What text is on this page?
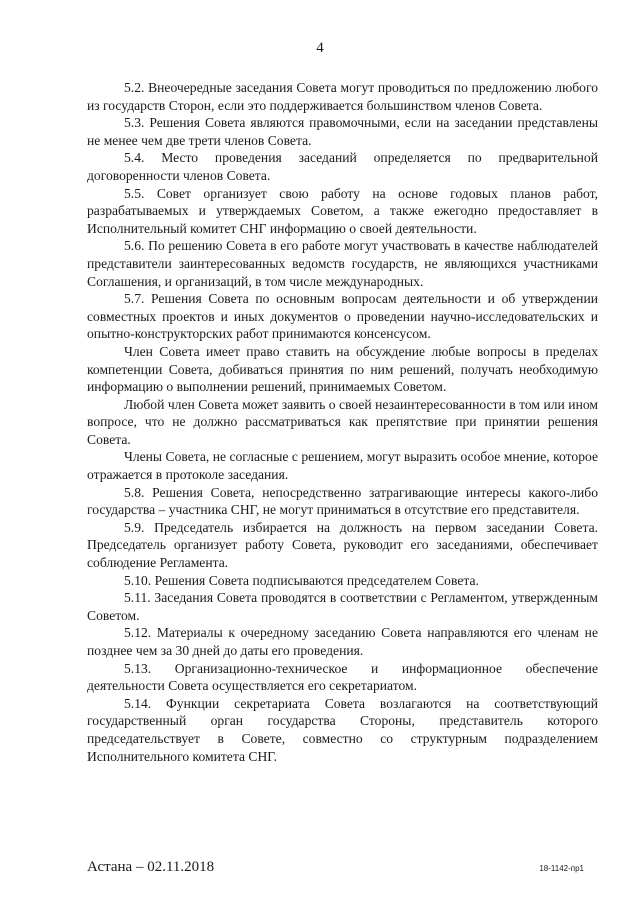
4

5.2. Внеочередные заседания Совета могут проводиться по предложению любого из государств Сторон, если это поддерживается большинством членов Совета.

5.3. Решения Совета являются правомочными, если на заседании представлены не менее чем две трети членов Совета.

5.4. Место проведения заседаний определяется по предварительной договоренности членов Совета.

5.5. Совет организует свою работу на основе годовых планов работ, разрабатываемых и утверждаемых Советом, а также ежегодно предоставляет в Исполнительный комитет СНГ информацию о своей деятельности.

5.6. По решению Совета в его работе могут участвовать в качестве наблюдателей представители заинтересованных ведомств государств, не являющихся участниками Соглашения, и организаций, в том числе международных.

5.7. Решения Совета по основным вопросам деятельности и об утверждении совместных проектов и иных документов о проведении научно-исследовательских и опытно-конструкторских работ принимаются консенсусом.

Член Совета имеет право ставить на обсуждение любые вопросы в пределах компетенции Совета, добиваться принятия по ним решений, получать необходимую информацию о выполнении решений, принимаемых Советом.

Любой член Совета может заявить о своей незаинтересованности в том или ином вопросе, что не должно рассматриваться как препятствие при принятии решения Совета.

Члены Совета, не согласные с решением, могут выразить особое мнение, которое отражается в протоколе заседания.

5.8. Решения Совета, непосредственно затрагивающие интересы какого-либо государства – участника СНГ, не могут приниматься в отсутствие его представителя.

5.9. Председатель избирается на должность на первом заседании Совета. Председатель организует работу Совета, руководит его заседаниями, обеспечивает соблюдение Регламента.

5.10. Решения Совета подписываются председателем Совета.

5.11. Заседания Совета проводятся в соответствии с Регламентом, утвержденным Советом.

5.12. Материалы к очередному заседанию Совета направляются его членам не позднее чем за 30 дней до даты его проведения.

5.13. Организационно-техническое и информационное обеспечение деятельности Совета осуществляется его секретариатом.

5.14. Функции секретариата Совета возлагаются на соответствующий государственный орган государства Стороны, представитель которого председательствует в Совете, совместно со структурным подразделением Исполнительного комитета СНГ.

Астана – 02.11.2018	18-1142-пр1
